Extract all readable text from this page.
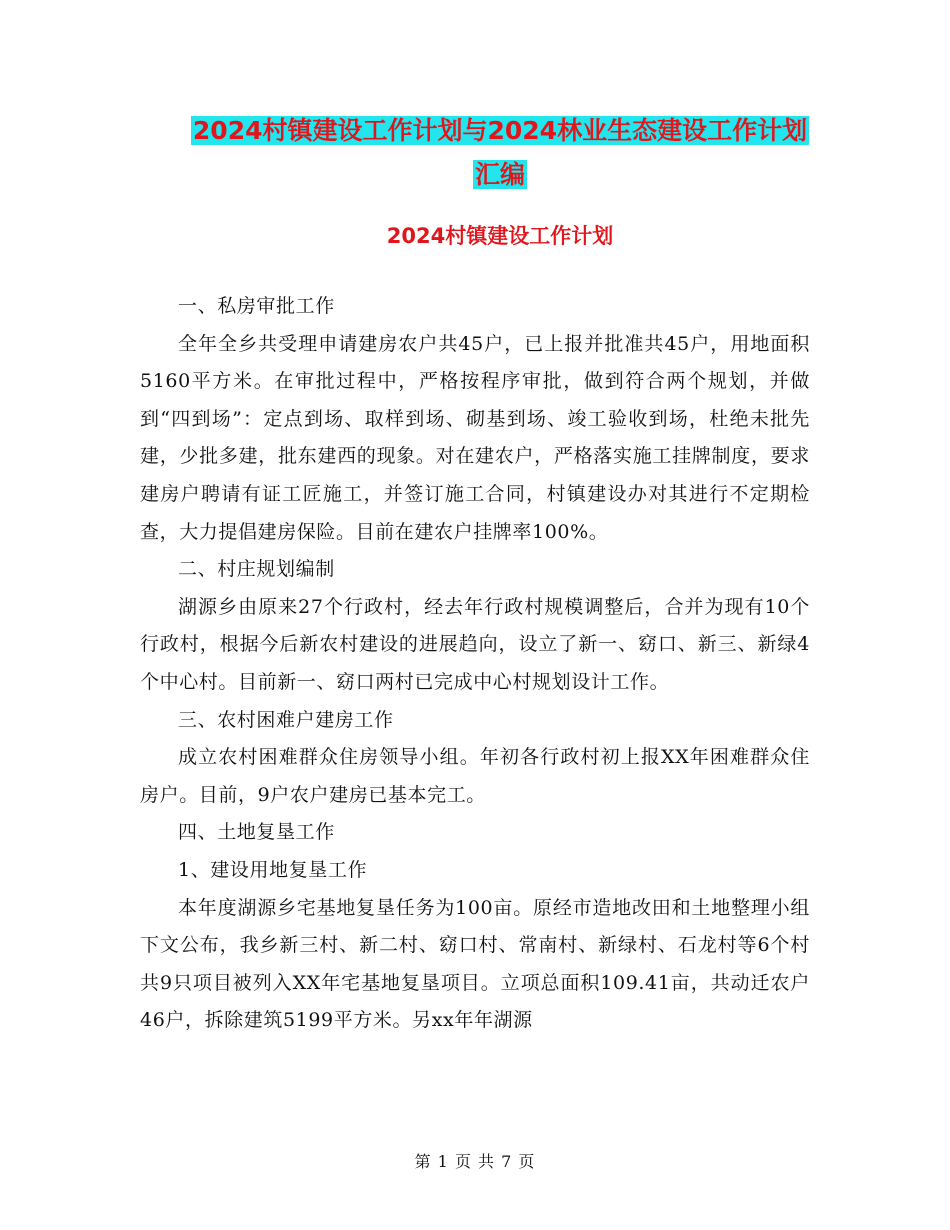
2024村镇建设工作计划与2024林业生态建设工作计划
汇编
2024村镇建设工作计划

一、私房审批工作

全年全乡共受理申请建房农户共45户，已上报并批准共45户，用地面积5160平方米。在审批过程中，严格按程序审批，做到符合两个规划，并做到“四到场”：定点到场、取样到场、砌基到场、竣工验收到场，杜绝未批先建，少批多建，批东建西的现象。对在建农户，严格落实施工挂牌制度，要求建房户聘请有证工匠施工，并签订施工合同，村镇建设办对其进行不定期检查，大力提倡建房保险。目前在建农户挂牌率100%。

二、村庄规划编制

湖源乡由原来27个行政村，经去年行政村规模调整后，合并为现有10个行政村，根据今后新农村建设的进展趋向，设立了新一、窈口、新三、新绿4个中心村。目前新一、窈口两村已完成中心村规划设计工作。

三、农村困难户建房工作

成立农村困难群众住房领导小组。年初各行政村初上报XX年困难群众住房户。目前，9户农户建房已基本完工。

四、土地复垦工作

1、建设用地复垦工作

本年度湖源乡宅基地复垦任务为100亩。原经市造地改田和土地整理小组下文公布，我乡新三村、新二村、窈口村、常南村、新绿村、石龙村等6个村共9只项目被列入XX年宅基地复垦项目。立项总面积109.41亩，共动迁农户46户，拆除建筑5199平方米。另xx年年湖源

第 1 页 共 7 页
